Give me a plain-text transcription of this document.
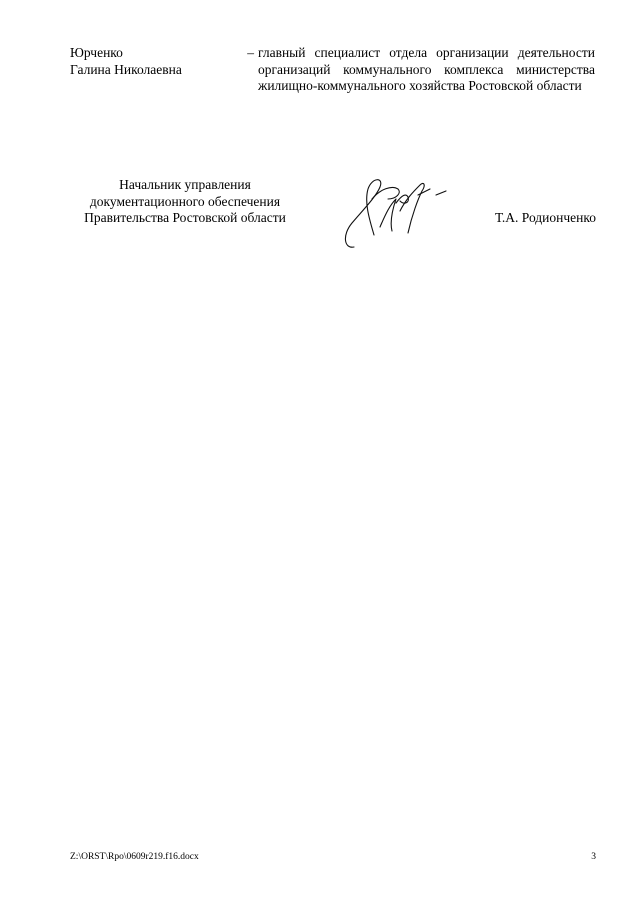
Юрченко
Галина Николаевна
– главный специалист отдела организации деятельности организаций коммунального комплекса министерства жилищно-коммунального хозяйства Ростовской области
Начальник управления
документационного обеспечения
Правительства Ростовской области	Т.А. Родионченко
Z:\ORST\Rpo\0609r219.f16.docx	3
